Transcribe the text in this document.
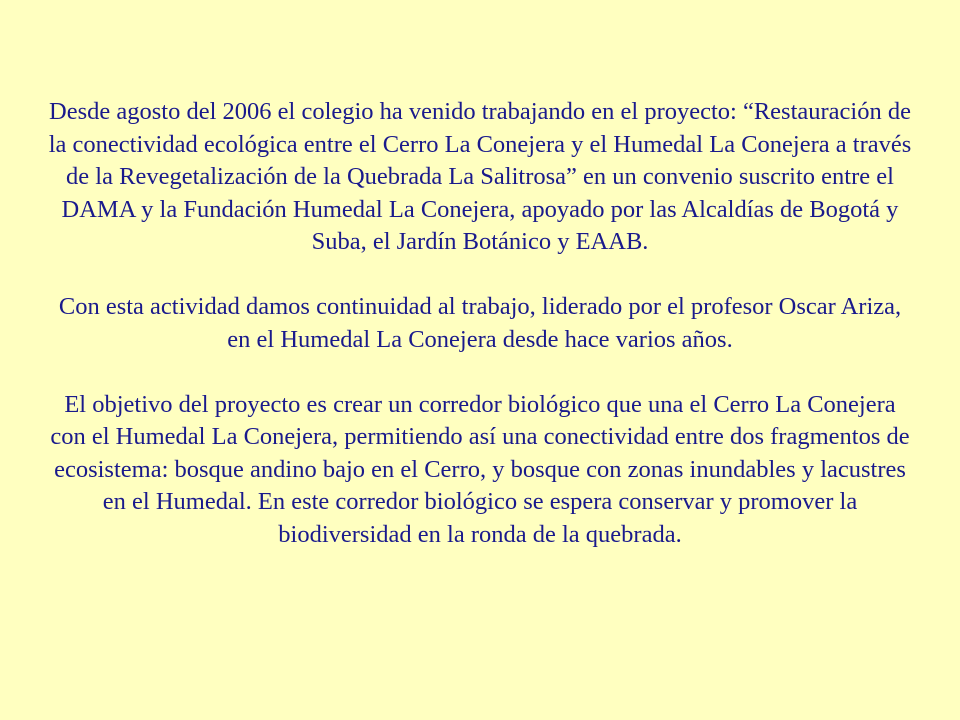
Desde agosto del 2006 el colegio ha venido trabajando en el proyecto: “Restauración de la conectividad ecológica entre el Cerro La Conejera y el Humedal La Conejera a través de la Revegetalización de la Quebrada La Salitrosa” en un convenio suscrito entre el DAMA y la Fundación Humedal La Conejera, apoyado por las Alcaldías de Bogotá y Suba, el Jardín Botánico y EAAB.

Con esta actividad damos continuidad al trabajo, liderado por el profesor Oscar Ariza, en el Humedal La Conejera desde hace varios años.

El objetivo del proyecto es crear un corredor biológico que una el Cerro La Conejera con el Humedal La Conejera, permitiendo así una conectividad entre dos fragmentos de ecosistema: bosque andino bajo en el Cerro, y bosque con zonas inundables y lacustres en el Humedal. En este corredor biológico se espera conservar y promover la biodiversidad en la ronda de la quebrada.
